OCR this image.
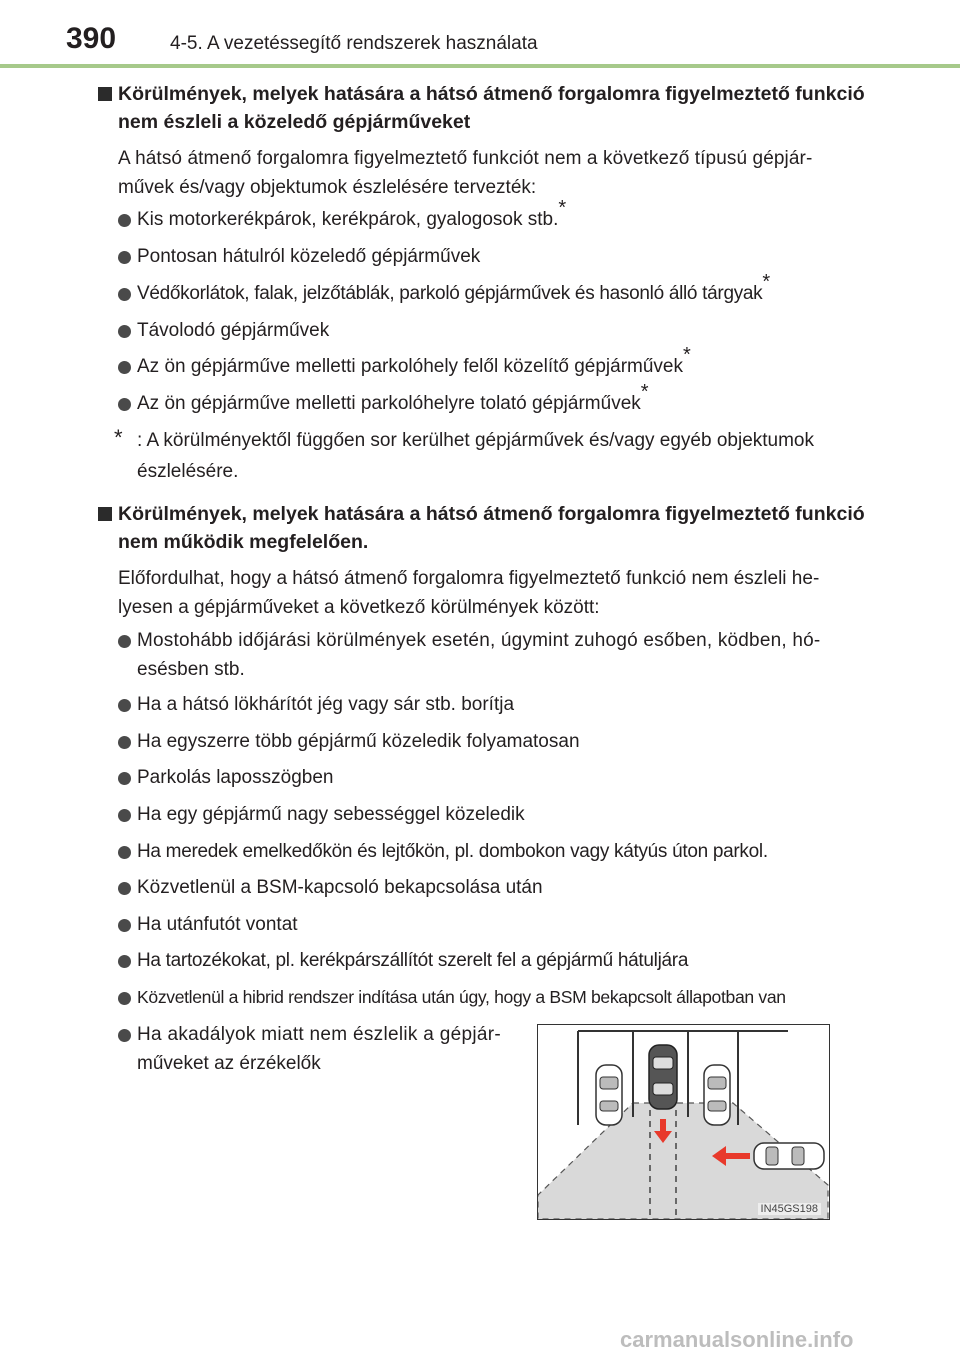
390	4-5. A vezetéssegítő rendszerek használata
Körülmények, melyek hatására a hátsó átmenő forgalomra figyelmeztető funkció
nem észleli a közeledő gépjárműveket
A hátsó átmenő forgalomra figyelmeztető funkciót nem a következő típusú gépjár-
művek és/vagy objektumok észlelésére tervezték:
Kis motorkerékpárok, kerékpárok, gyalogosok stb.*
Pontosan hátulról közeledő gépjárművek
Védőkorlátok, falak, jelzőtáblák, parkoló gépjárművek és hasonló álló tárgyak*
Távolodó gépjárművek
Az ön gépjárműve melletti parkolóhely felől közelítő gépjárművek*
Az ön gépjárműve melletti parkolóhelyre tolató gépjárművek*
* : A körülményektől függően sor kerülhet gépjárművek és/vagy egyéb objektumok
észlelésére.
Körülmények, melyek hatására a hátsó átmenő forgalomra figyelmeztető funkció
nem működik megfelelően.
Előfordulhat, hogy a hátsó átmenő forgalomra figyelmeztető funkció nem észleli he-
lyesen a gépjárműveket a következő körülmények között:
Mostohább időjárási körülmények esetén, úgymint zuhogó esőben, ködben, hó-
esésben stb.
Ha a hátsó lökhárítót jég vagy sár stb. borítja
Ha egyszerre több gépjármű közeledik folyamatosan
Parkolás laposszögben
Ha egy gépjármű nagy sebességgel közeledik
Ha meredek emelkedőkön és lejtőkön, pl. dombokon vagy kátyús úton parkol.
Közvetlenül a BSM-kapcsoló bekapcsolása után
Ha utánfutót vontat
Ha tartozékokat, pl. kerékpárszállítót szerelt fel a gépjármű hátuljára
Közvetlenül a hibrid rendszer indítása után úgy, hogy a BSM bekapcsolt állapotban van
Ha akadályok miatt nem észlelik a gépjár-
műveket az érzékelők
IN45GS198
carmanualsonline.info
